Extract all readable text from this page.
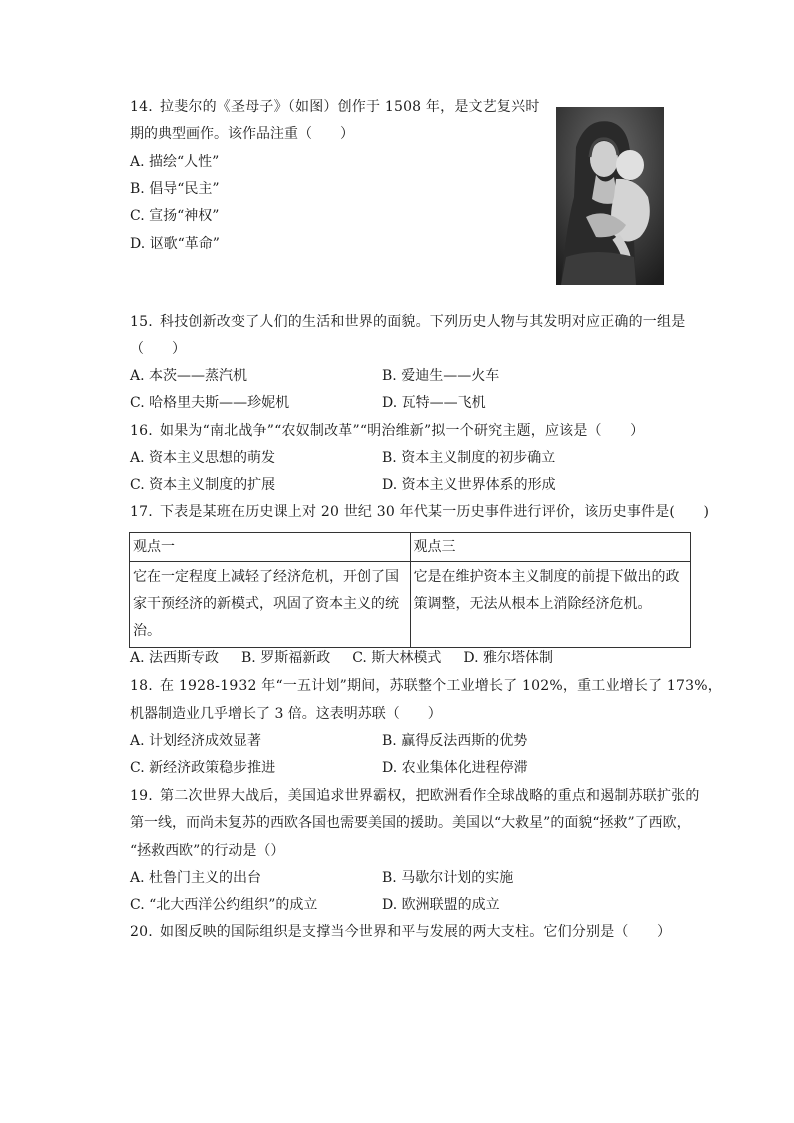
14. 拉斐尔的《圣母子》（如图）创作于 1508 年，是文艺复兴时
期的典型画作。该作品注重（　　）
A. 描绘“人性”
B. 倡导“民主”
C. 宣扬“神权”
D. 讴歌“革命”
15. 科技创新改变了人们的生活和世界的面貌。下列历史人物与其发明对应正确的一组是
（　　）
A. 本茨——蒸汽机	B. 爱迪生——火车
C. 哈格里夫斯——珍妮机	D. 瓦特——飞机
16. 如果为“南北战争”“农奴制改革”“明治维新”拟一个研究主题，应该是（　　）
A. 资本主义思想的萌发	B. 资本主义制度的初步确立
C. 资本主义制度的扩展	D. 资本主义世界体系的形成
17. 下表是某班在历史课上对 20 世纪 30 年代某一历史事件进行评价，该历史事件是(　　)
观点一	观点三
它在一定程度上减轻了经济危机，开创了国家干预经济的新模式，巩固了资本主义的统治。	它是在维护资本主义制度的前提下做出的政策调整，无法从根本上消除经济危机。
A. 法西斯专政 B. 罗斯福新政 C. 斯大林模式 D. 雅尔塔体制
18. 在 1928-1932 年“一五计划”期间，苏联整个工业增长了 102%，重工业增长了 173%，
机器制造业几乎增长了 3 倍。这表明苏联（　　）
A. 计划经济成效显著	B. 赢得反法西斯的优势
C. 新经济政策稳步推进	D. 农业集体化进程停滞
19. 第二次世界大战后，美国追求世界霸权，把欧洲看作全球战略的重点和遏制苏联扩张的
第一线，而尚未复苏的西欧各国也需要美国的援助。美国以“大救星”的面貌“拯救”了西欧，
“拯救西欧”的行动是（）
A. 杜鲁门主义的出台	B. 马歇尔计划的实施
C. “北大西洋公约组织”的成立	D. 欧洲联盟的成立
20. 如图反映的国际组织是支撑当今世界和平与发展的两大支柱。它们分别是（　　）
